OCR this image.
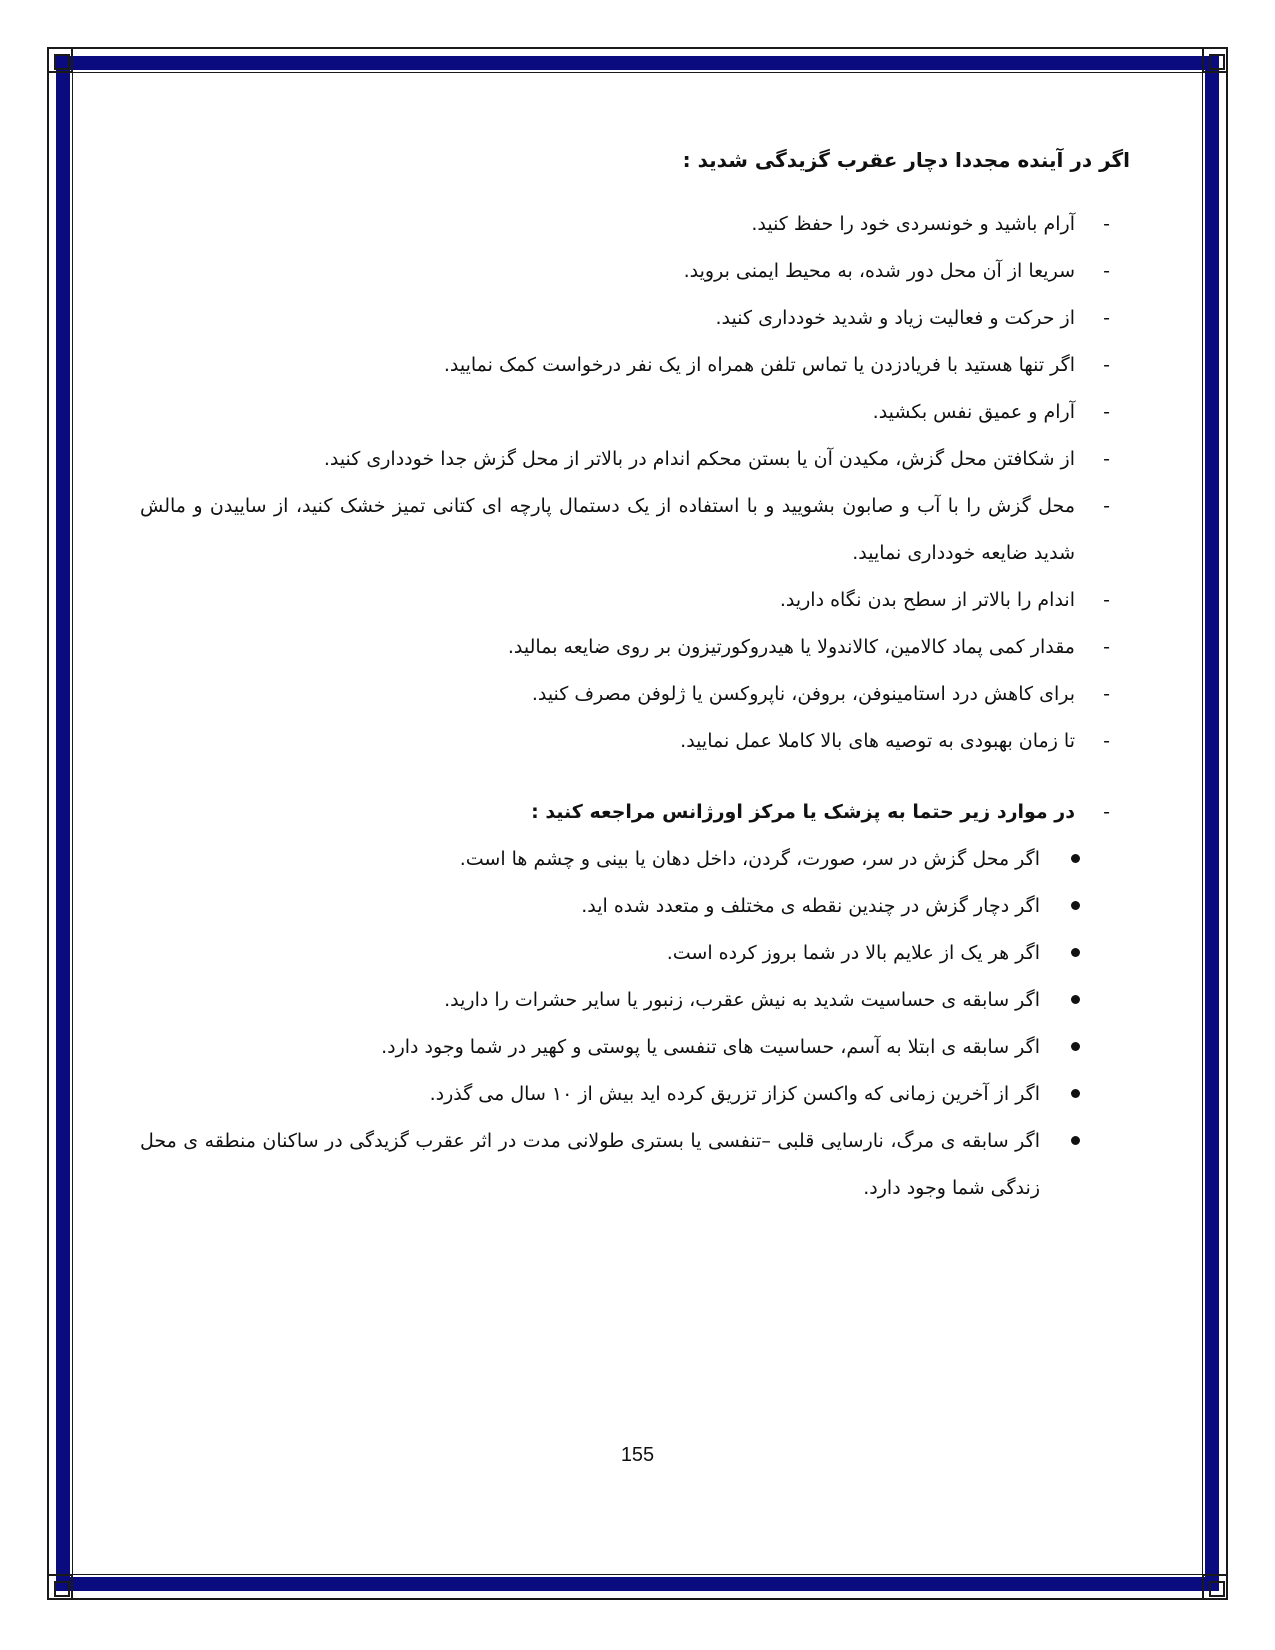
اگر در آینده مجددا دچار عقرب گزیدگی شدید :
-
آرام باشید و خونسردی خود را حفظ کنید.
-
سریعا از آن محل دور شده، به محیط ایمنی بروید.
-
از حرکت و فعالیت زیاد و شدید خودداری کنید.
-
اگر تنها هستید با فریادزدن یا تماس تلفن همراه از یک نفر درخواست کمک نمایید.
-
آرام و عمیق نفس بکشید.
-
از شکافتن محل گزش، مکیدن آن یا بستن محکم اندام در بالاتر از محل گزش جدا خودداری کنید.
-
محل گزش را با آب و صابون بشویید و با استفاده از یک دستمال پارچه ای کتانی تمیز خشک کنید، از ساییدن و مالش شدید ضایعه خودداری نمایید.
-
اندام را بالاتر از سطح بدن نگاه دارید.
-
مقدار کمی پماد کالامین، کالاندولا یا هیدروکورتیزون بر روی ضایعه بمالید.
-
برای کاهش درد استامینوفن، بروفن، ناپروکسن یا ژلوفن مصرف کنید.
-
تا زمان بهبودی به توصیه های بالا کاملا عمل نمایید.
-
در موارد زیر حتما به پزشک یا مرکز اورژانس مراجعه کنید :
اگر محل گزش در سر، صورت، گردن، داخل دهان یا بینی و چشم ها است.
اگر دچار گزش در چندین نقطه ی مختلف و متعدد شده اید.
اگر هر یک از علایم بالا در شما بروز کرده است.
اگر سابقه ی حساسیت شدید به نیش عقرب، زنبور یا سایر حشرات را دارید.
اگر سابقه ی ابتلا به آسم، حساسیت های تنفسی یا پوستی و کهیر در شما وجود دارد.
اگر از آخرین زمانی که واکسن کزاز تزریق کرده اید بیش از ۱۰ سال می گذرد.
اگر سابقه ی مرگ، نارسایی قلبی –تنفسی یا بستری طولانی مدت در اثر عقرب گزیدگی در ساکنان منطقه ی محل زندگی شما وجود دارد.
155
